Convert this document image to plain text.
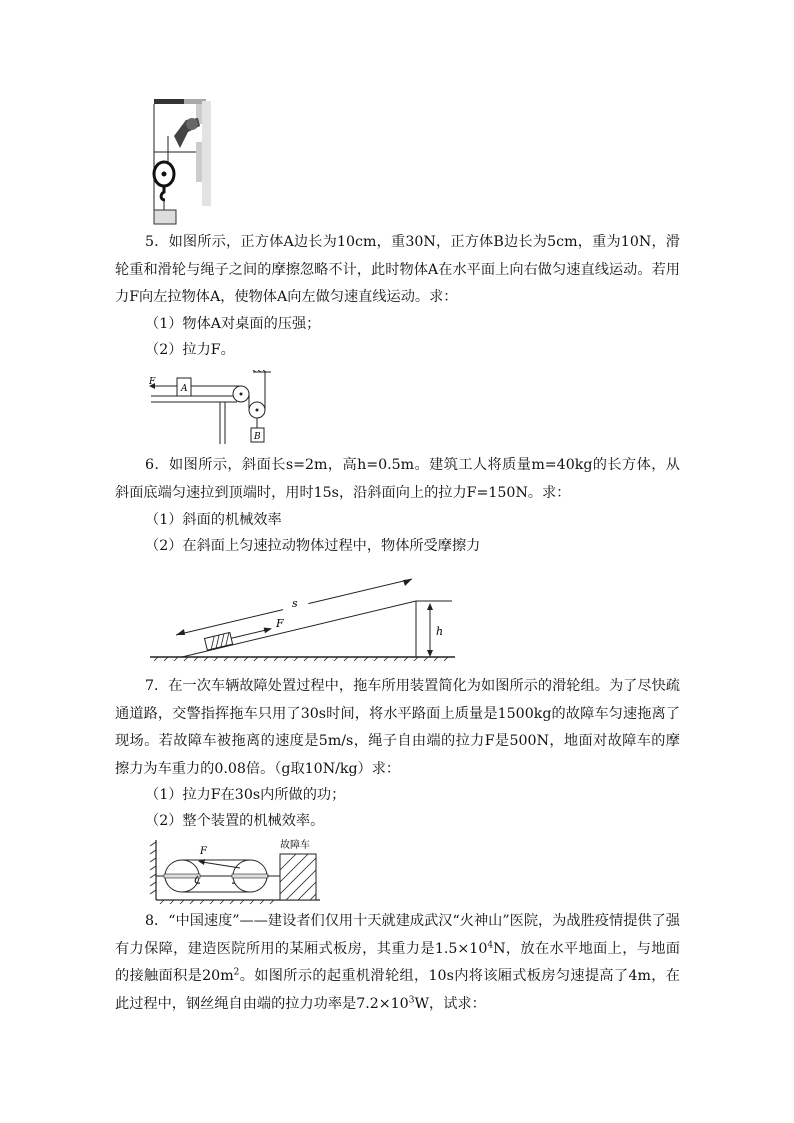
5．如图所示，正方体A边长为10cm，重30N，正方体B边长为5cm，重为10N，滑轮重和滑轮与绳子之间的摩擦忽略不计，此时物体A在水平面上向右做匀速直线运动。若用力F向左拉物体A，使物体A向左做匀速直线运动。求：

（1）物体A对桌面的压强；

（2）拉力F。

F
A
B

6．如图所示，斜面长s=2m，高h=0.5m。建筑工人将质量m=40kg的长方体，从斜面底端匀速拉到顶端时，用时15s，沿斜面向上的拉力F=150N。求：

（1）斜面的机械效率

（2）在斜面上匀速拉动物体过程中，物体所受摩擦力

s
F
h

7．在一次车辆故障处置过程中，拖车所用装置简化为如图所示的滑轮组。为了尽快疏通道路，交警指挥拖车只用了30s时间，将水平路面上质量是1500kg的故障车匀速拖离了现场。若故障车被拖离的速度是5m/s，绳子自由端的拉力F是500N，地面对故障车的摩擦力为车重力的0.08倍。（g取10N/kg）求：

（1）拉力F在30s内所做的功；

（2）整个装置的机械效率。

F
故障车

8．“中国速度”——建设者们仅用十天就建成武汉“火神山”医院，为战胜疫情提供了强有力保障，建造医院所用的某厢式板房，其重力是$1.5\times 10^4N$，放在水平地面上，与地面的接触面积是$20m^2$。如图所示的起重机滑轮组，10s内将该厢式板房匀速提高了4m，在此过程中，钢丝绳自由端的拉力功率是$7.2\times 10^3W$，试求：
